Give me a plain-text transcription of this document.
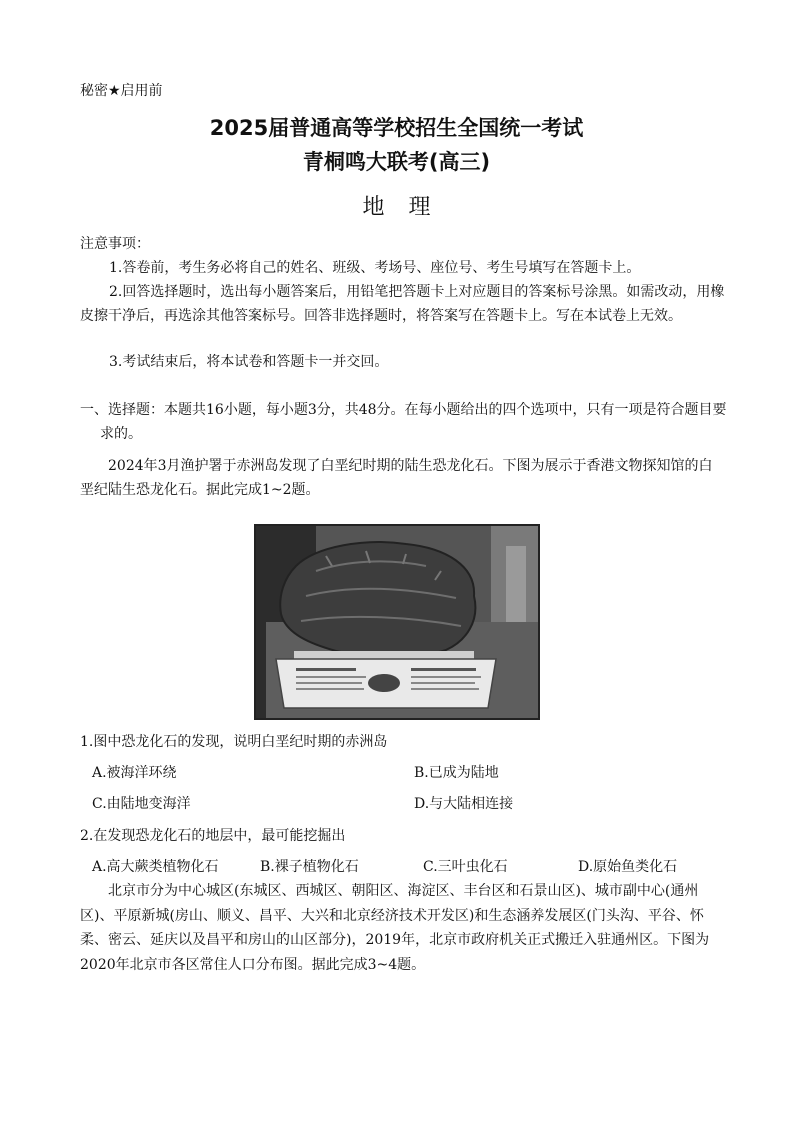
秘密★启用前
2025届普通高等学校招生全国统一考试
青桐鸣大联考(高三)
地理
注意事项：
1.答卷前，考生务必将自己的姓名、班级、考场号、座位号、考生号填写在答题卡上。
2.回答选择题时，选出每小题答案后，用铅笔把答题卡上对应题目的答案标号涂黑。如需改动，用橡皮擦干净后，再选涂其他答案标号。回答非选择题时，将答案写在答题卡上。写在本试卷上无效。
3.考试结束后，将本试卷和答题卡一并交回。
一、选择题：本题共16小题，每小题3分，共48分。在每小题给出的四个选项中，只有一项是符合题目要求的。
2024年3月渔护署于赤洲岛发现了白垩纪时期的陆生恐龙化石。下图为展示于香港文物探知馆的白垩纪陆生恐龙化石。据此完成1~2题。
1.图中恐龙化石的发现，说明白垩纪时期的赤洲岛
A.被海洋环绕	B.已成为陆地
C.由陆地变海洋	D.与大陆相连接
2.在发现恐龙化石的地层中，最可能挖掘出
A.高大蕨类植物化石	B.裸子植物化石	C.三叶虫化石	D.原始鱼类化石
北京市分为中心城区(东城区、西城区、朝阳区、海淀区、丰台区和石景山区)、城市副中心(通州区)、平原新城(房山、顺义、昌平、大兴和北京经济技术开发区)和生态涵养发展区(门头沟、平谷、怀柔、密云、延庆以及昌平和房山的山区部分)，2019年，北京市政府机关正式搬迁入驻通州区。下图为2020年北京市各区常住人口分布图。据此完成3~4题。
